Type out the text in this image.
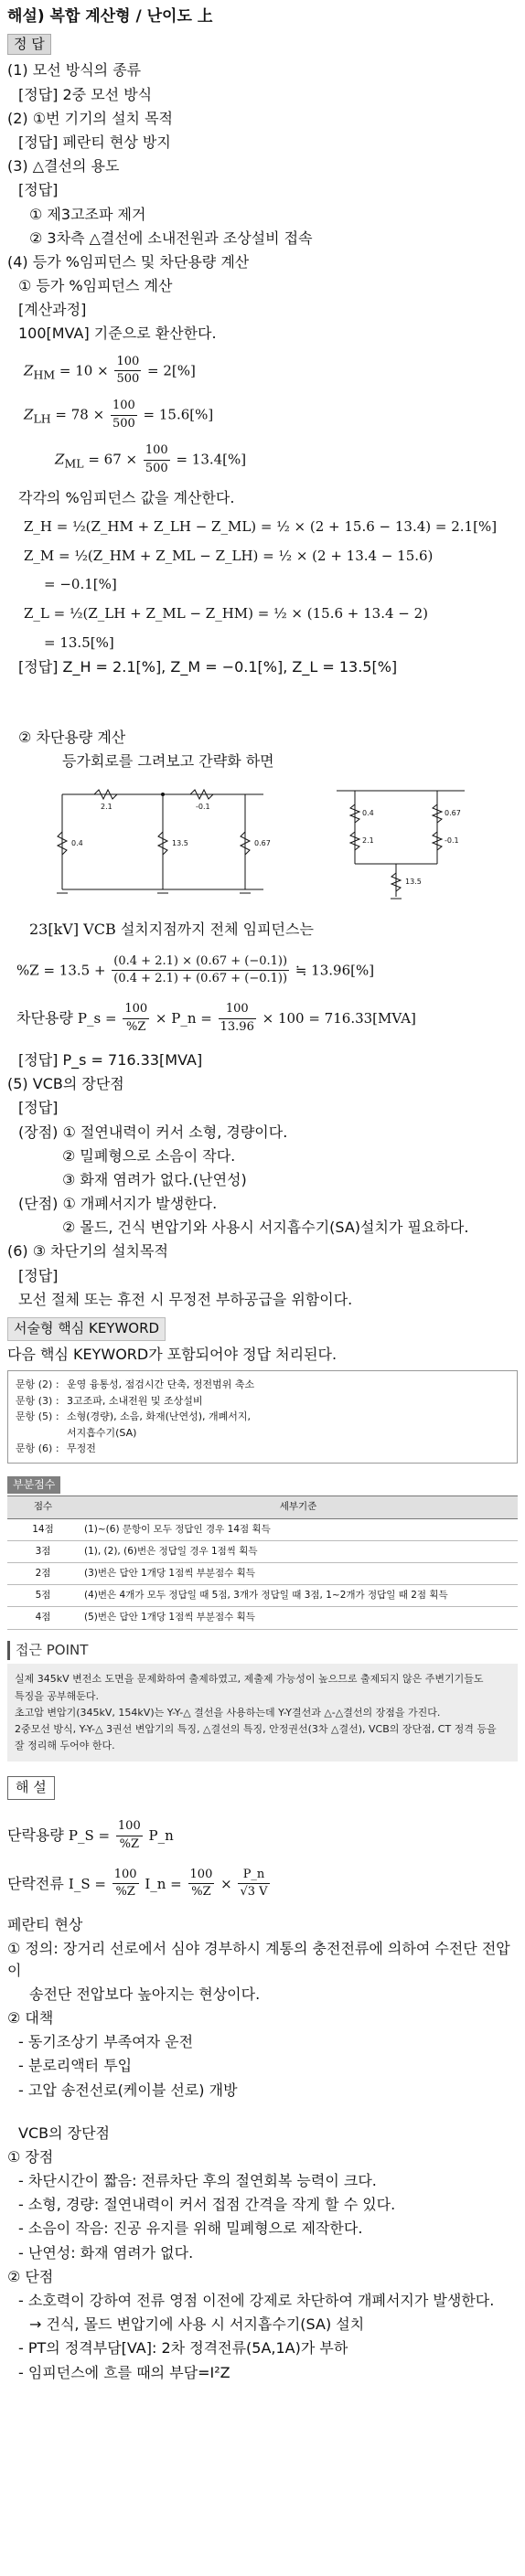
해설) 복합 계산형 / 난이도 上
정 답
(1) 모선 방식의 종류
[정답] 2중 모선 방식
(2) ①번 기기의 설치 목적
[정답] 페란티 현상 방지
(3) △결선의 용도
[정답]
① 제3고조파 제거
② 3차측 △결선에 소내전원과 조상설비 접속
(4) 등가 %임피던스 및 차단용량 계산
① 등가 %임피던스 계산
[계산과정]
100[MVA] 기준으로 환산한다.
$Z_{HM} = 10 \times \frac{100}{500} = 2[\%]$
$Z_{LH} = 78 \times \frac{100}{500} = 15.6[\%]$
$Z_{ML} = 67 \times \frac{100}{500} = 13.4[\%]$
각각의 %임피던스 값을 계산한다.
Z_H = ½(Z_HM + Z_LH − Z_ML) = ½ × (2 + 15.6 − 13.4) = 2.1[%]
Z_M = ½(Z_HM + Z_ML − Z_LH) = ½ × (2 + 13.4 − 15.6)
= −0.1[%]
Z_L = ½(Z_LH + Z_ML − Z_HM) = ½ × (15.6 + 13.4 − 2)
= 13.5[%]
[정답] Z_H = 2.1[%], Z_M = −0.1[%], Z_L = 13.5[%]
② 차단용량 계산
등가회로를 그려보고 간략화 하면
2.1	-0.1
0.4	13.5	0.67
0.4	0.67
2.1	-0.1
13.5
23[kV] VCB 설치지점까지 전체 임피던스는
$\%Z = 13.5 + \frac{(0.4 + 2.1) \times (0.67 + (-0.1))}{(0.4 + 2.1) + (0.67 + (-0.1))}$ ≒ 13.96[%]
차단용량 P_s = $\frac{100}{\%Z}$ × P_n = $\frac{100}{13.96} \times 100 = 716.33[MVA]$
[정답] P_s = 716.33[MVA]
(5) VCB의 장단점
[정답]
(장점) ① 절연내력이 커서 소형, 경량이다.
② 밀폐형으로 소음이 작다.
③ 화재 염려가 없다.(난연성)
(단점) ① 개폐서지가 발생한다.
② 몰드, 건식 변압기와 사용시 서지흡수기(SA)설치가 필요하다.
(6) ③ 차단기의 설치목적
[정답]
모선 절체 또는 휴전 시 무정전 부하공급을 위함이다.
서술형 핵심 KEYWORD
다음 핵심 KEYWORD가 포함되어야 정답 처리된다.
문항 (2) : 운영 융통성, 점검시간 단축, 정전범위 축소
문항 (3) : 3고조파, 소내전원 및 조상설비
문항 (5) : 소형(경량), 소음, 화재(난연성), 개폐서지,
서지흡수기(SA)
문항 (6) : 무정전
부분점수
점수	세부기준
14점	(1)~(6) 문항이 모두 정답인 경우 14점 획득
3점	(1), (2), (6)번은 정답일 경우 1점씩 획득
2점	(3)번은 답안 1개당 1점씩 부분점수 획득
5점	(4)번은 4개가 모두 정답일 때 5점, 3개가 정답일 때 3점, 1~2개가 정답일 때 2점 획득
4점	(5)번은 답안 1개당 1점씩 부분점수 획득
접근 POINT
실제 345kV 변전소 도면을 문제화하여 출제하였고, 제출제 가능성이 높으므로 출제되지 않은 주변기기들도
특징을 공부해둔다.
초고압 변압기(345kV, 154kV)는 Y-Y-△ 결선을 사용하는데 Y-Y결선과 △-△결선의 장점을 가진다.
2중모선 방식, Y-Y-△ 3권선 변압기의 특징, △결선의 특징, 안정권선(3차 △결선), VCB의 장단점, CT 정격 등을
잘 정리해 두어야 한다.
해 설
단락용량 P_S = $\frac{100}{\%Z}$ P_n
단락전류 I_S = $\frac{100}{\%Z}$ I_n = $\frac{100}{\%Z} \times \frac{P\_n}{√3 V}$
페란티 현상
① 정의: 장거리 선로에서 심야 경부하시 계통의 충전전류에 의하여 수전단 전압이
송전단 전압보다 높아지는 현상이다.
② 대책
- 동기조상기 부족여자 운전
- 분로리액터 투입
- 고압 송전선로(케이블 선로) 개방
VCB의 장단점
① 장점
- 차단시간이 짧음: 전류차단 후의 절연회복 능력이 크다.
- 소형, 경량: 절연내력이 커서 접점 간격을 작게 할 수 있다.
- 소음이 작음: 진공 유지를 위해 밀폐형으로 제작한다.
- 난연성: 화재 염려가 없다.
② 단점
- 소호력이 강하여 전류 영점 이전에 강제로 차단하여 개폐서지가 발생한다.
→ 건식, 몰드 변압기에 사용 시 서지흡수기(SA) 설치
- PT의 정격부담[VA]: 2차 정격전류(5A,1A)가 부하
- 임피던스에 흐를 때의 부담=I²Z
